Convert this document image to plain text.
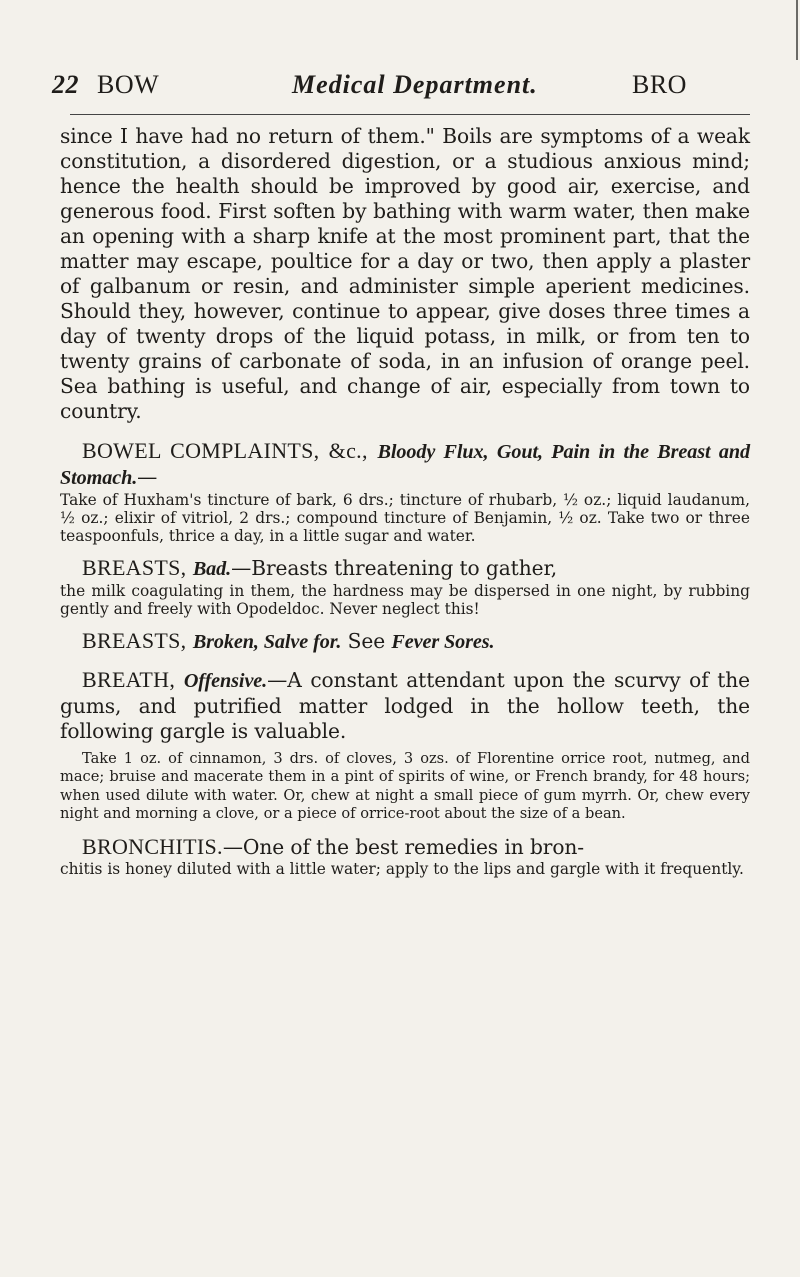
22 BOW	Medical Department.	BRO

since I have had no return of them." Boils are symptoms of a weak constitution, a disordered digestion, or a studious anxious mind; hence the health should be improved by good air, exercise, and generous food. First soften by bathing with warm water, then make an opening with a sharp knife at the most prominent part, that the matter may escape, poultice for a day or two, then apply a plaster of galbanum or resin, and administer simple aperient medicines. Should they, however, continue to appear, give doses three times a day of twenty drops of the liquid potass, in milk, or from ten to twenty grains of carbonate of soda, in an infusion of orange peel. Sea bathing is useful, and change of air, especially from town to country.

BOWEL COMPLAINTS, &c., Bloody Flux, Gout, Pain in the Breast and Stomach.—

Take of Huxham's tincture of bark, 6 drs.; tincture of rhubarb, ½ oz.; liquid laudanum, ½ oz.; elixir of vitriol, 2 drs.; compound tincture of Benjamin, ½ oz. Take two or three teaspoonfuls, thrice a day, in a little sugar and water.

BREASTS, Bad.—Breasts threatening to gather,

the milk coagulating in them, the hardness may be dispersed in one night, by rubbing gently and freely with Opodeldoc. Never neglect this!

BREASTS, Broken, Salve for. See Fever Sores.

BREATH, Offensive.—A constant attendant upon the scurvy of the gums, and putrified matter lodged in the hollow teeth, the following gargle is valuable.

Take 1 oz. of cinnamon, 3 drs. of cloves, 3 ozs. of Florentine orrice root, nutmeg, and mace; bruise and macerate them in a pint of spirits of wine, or French brandy, for 48 hours; when used dilute with water. Or, chew at night a small piece of gum myrrh. Or, chew every night and morning a clove, or a piece of orrice-root about the size of a bean.

BRONCHITIS.—One of the best remedies in bron-

chitis is honey diluted with a little water; apply to the lips and gargle with it frequently.
